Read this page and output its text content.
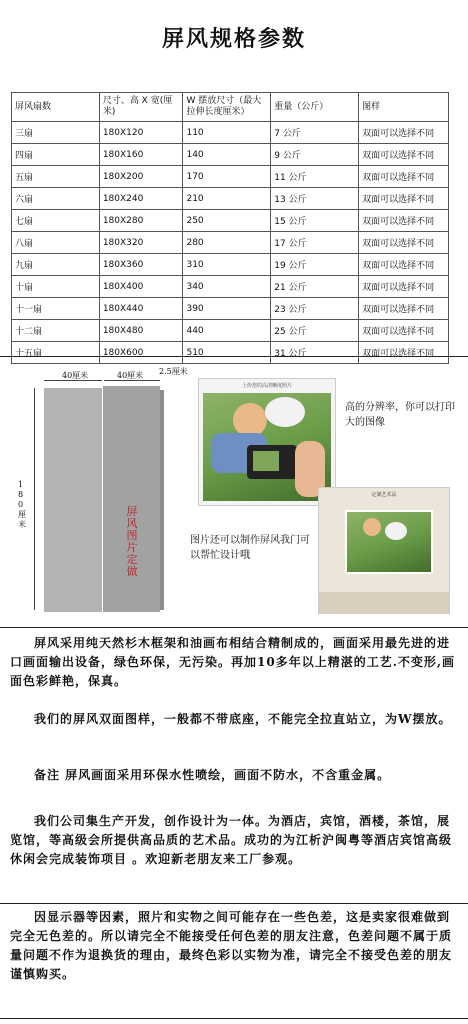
屏风规格参数
屏风扇数	尺寸、高 X 宽(厘米)	W 摆放尺寸（最大拉伸长度厘米）	重量（公斤）	图样
三扇	180X120	110	7 公斤	双面可以选择不同
四扇	180X160	140	9 公斤	双面可以选择不同
五扇	180X200	170	11 公斤	双面可以选择不同
六扇	180X240	210	13 公斤	双面可以选择不同
七扇	180X280	250	15 公斤	双面可以选择不同
八扇	180X320	280	17 公斤	双面可以选择不同
九扇	180X360	310	19 公斤	双面可以选择不同
十扇	180X400	340	21 公斤	双面可以选择不同
十一扇	180X440	390	23 公斤	双面可以选择不同
十二扇	180X480	440	25 公斤	双面可以选择不同
十五扇	180X600	510	31 公斤	双面可以选择不同
40厘米	40厘米 2.5厘米
180厘米
屏风图片定做
上传您的高清晰度照片
高的分辨率，你可以打印大的图像
图片还可以制作屏风我门可以帮忙设计哦
定制艺术品
屏风采用纯天然杉木框架和油画布相结合精制成的，画面采用最先进的进口画面输出设备，绿色环保，无污染。再加10多年以上精湛的工艺.不变形,画面色彩鲜艳，保真。
我们的屏风双面图样，一般都不带底座，不能完全拉直站立，为W摆放。
备注 屏风画面采用环保水性喷绘，画面不防水，不含重金属。
我们公司集生产开发，创作设计为一体。为酒店，宾馆，酒楼，茶馆，展览馆，等高级会所提供高品质的艺术品。成功的为江析沪闽粤等酒店宾馆高级休闲会完成装饰项目 。欢迎新老朋友来工厂参观。
因显示器等因素，照片和实物之间可能存在一些色差，这是卖家很难做到完全无色差的。所以请完全不能接受任何色差的朋友注意，色差问题不属于质量问题不作为退换货的理由，最终色彩以实物为准，请完全不接受色差的朋友谨慎购买。
